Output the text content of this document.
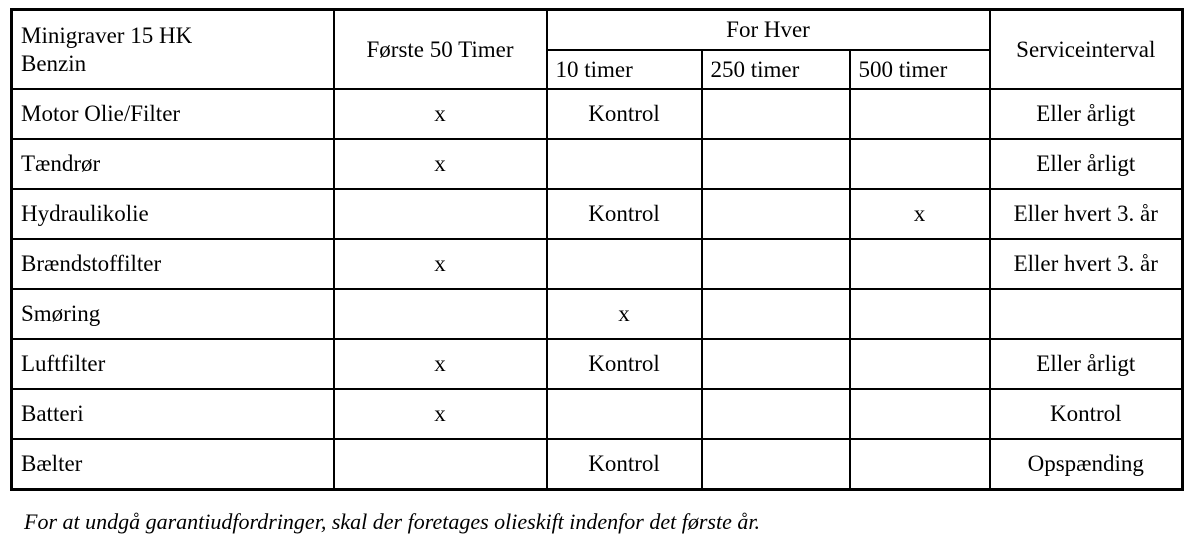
Minigraver 15 HK
Benzin	Første 50 Timer	For Hver			Serviceinterval
		10 timer	250 timer	500 timer	
Motor Olie/Filter	x	Kontrol			Eller årligt
Tændrør	x				Eller årligt
Hydraulikolie		Kontrol		x	Eller hvert 3. år
Brændstoffilter	x				Eller hvert 3. år
Smøring		x			
Luftfilter	x	Kontrol			Eller årligt
Batteri	x				Kontrol
Bælter		Kontrol			Opspænding
For at undgå garantiudfordringer, skal der foretages olieskift indenfor det første år.
